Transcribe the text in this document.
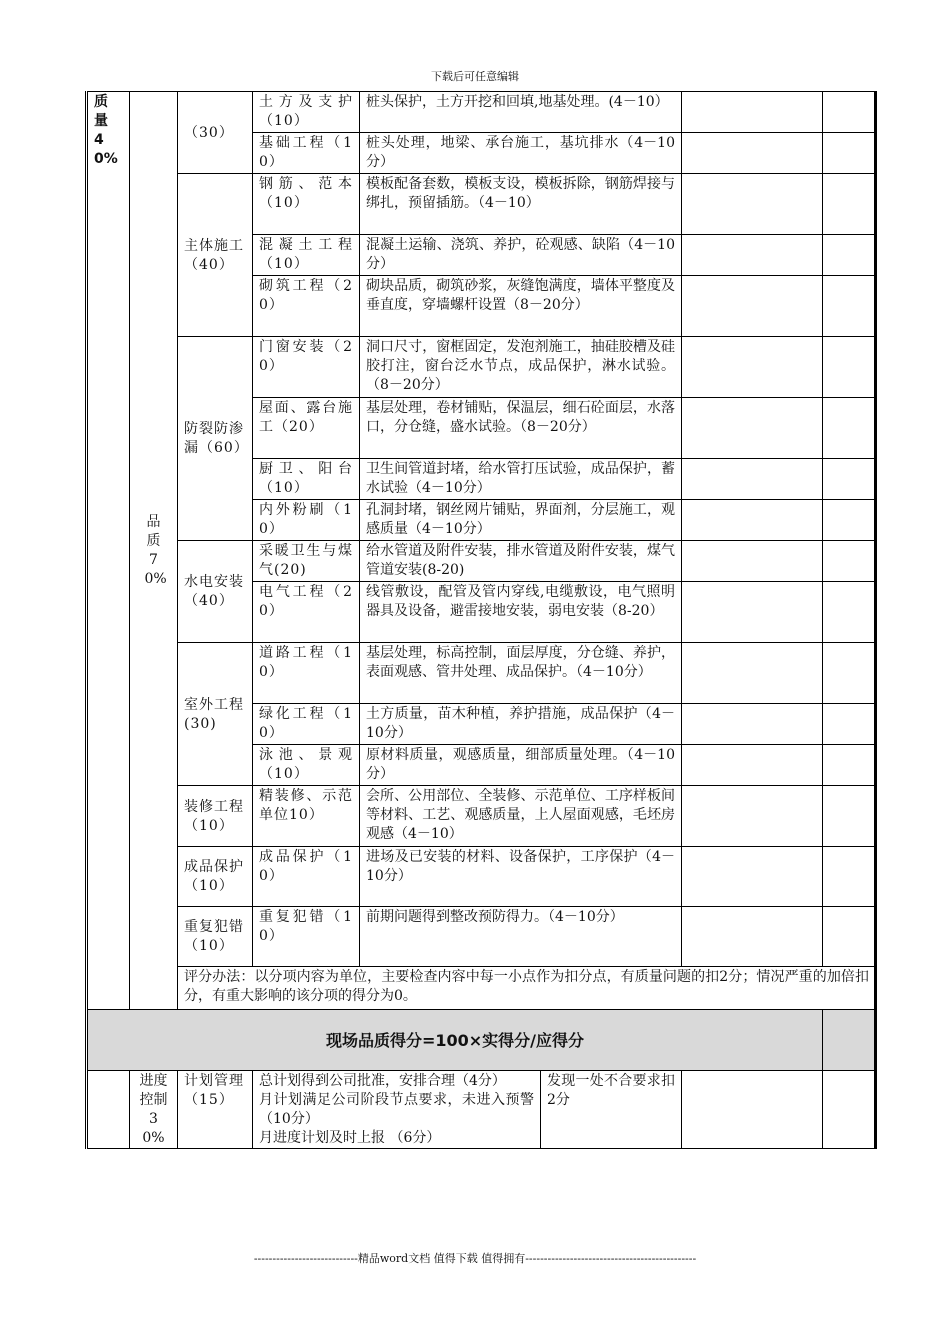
下载后可任意编辑
质量40%	品质70%	（30）	土方及支护（10）	桩头保护，土方开挖和回填,地基处理。(4－10）				
			基础工程（10）	桩头处理，地梁、承台施工，基坑排水（4－10分）				
		主体施工（40）	钢筋、范本（10）	模板配备套数，模板支设，模板拆除，钢筋焊接与绑扎，预留插筋。（4－10）				
			混凝土工程（10）	混凝土运输、浇筑、养护，砼观感、缺陷（4－10分）				
			砌筑工程（20）	砌块品质，砌筑砂浆，灰缝饱满度，墙体平整度及垂直度，穿墙螺杆设置（8－20分）				
		防裂防渗漏（60）	门窗安装（20）	洞口尺寸，窗框固定，发泡剂施工，抽硅胶槽及硅胶打注，窗台泛水节点，成品保护，淋水试验。（8－20分）				
			屋面、露台施工（20）	基层处理，卷材铺贴，保温层，细石砼面层，水落口，分仓缝，盛水试验。（8－20分）				
			厨卫、阳台（10）	卫生间管道封堵，给水管打压试验，成品保护，蓄水试验（4－10分）				
			内外粉刷（10）	孔洞封堵，钢丝网片铺贴，界面剂，分层施工，观感质量（4－10分）				
		水电安装（40）	采暖卫生与煤气(20)	给水管道及附件安装，排水管道及附件安装，煤气管道安装(8-20)				
			电气工程（20）	线管敷设，配管及管内穿线,电缆敷设，电气照明器具及设备，避雷接地安装，弱电安装（8-20）				
		室外工程(30)	道路工程（10）	基层处理，标高控制，面层厚度，分仓缝、养护，表面观感、管井处理、成品保护。（4－10分）				
			绿化工程（10）	土方质量，苗木种植，养护措施，成品保护（4－10分）				
			泳池、景观（10）	原材料质量，观感质量，细部质量处理。（4－10分）				
		装修工程（10）	精装修、示范单位10）	会所、公用部位、全装修、示范单位、工序样板间等材料、工艺、观感质量，上人屋面观感，毛坯房观感（4－10）				
		成品保护（10）	成品保护（10）	进场及已安装的材料、设备保护，工序保护（4－10分）				
		重复犯错（10）	重复犯错（10）	前期问题得到整改预防得力。（4－10分）				
		评分办法：以分项内容为单位，主要检查内容中每一小点作为扣分点，有质量问题的扣2分；情况严重的加倍扣分，有重大影响的该分项的得分为0。						
现场品质得分=100×实得分/应得分								

	进度控制30%	计划管理（15）	总计划得到公司批准，安排合理（4分）
月计划满足公司阶段节点要求，未进入预警（10分）
月进度计划及时上报 （6分）		发现一处不合要求扣2分			
----------------------------精品word文档 值得下载 值得拥有----------------------------------------------
